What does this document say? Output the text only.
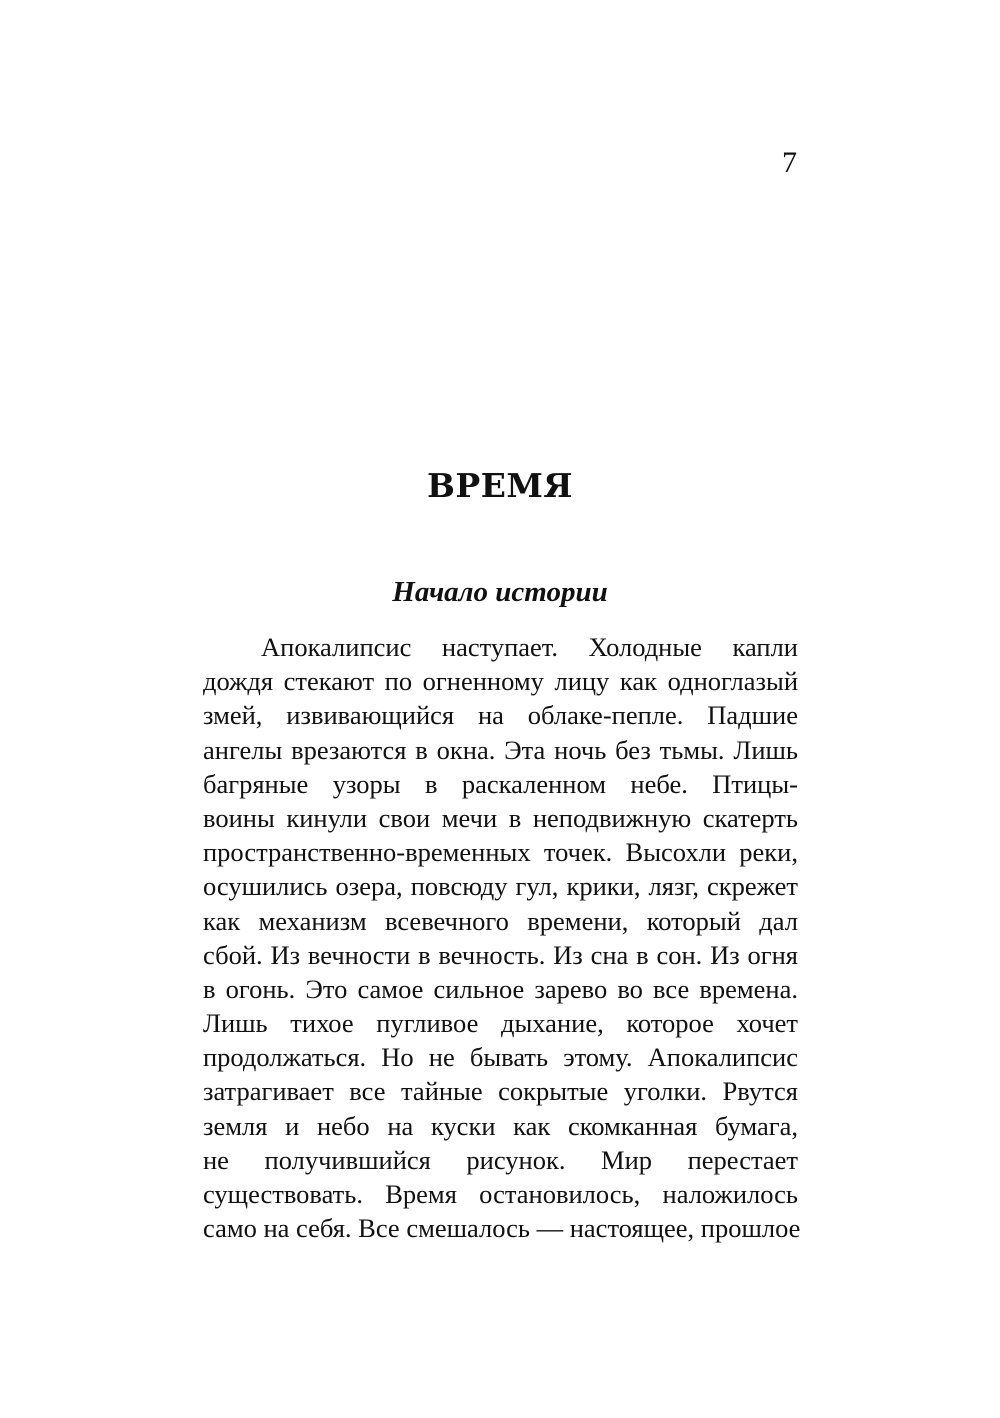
7
ВРЕМЯ
Начало истории
Апокалипсис наступает. Холодные капли
дождя стекают по огненному лицу как одноглазый
змей, извивающийся на облаке-пепле. Падшие
ангелы врезаются в окна. Эта ночь без тьмы. Лишь
багряные узоры в раскаленном небе. Птицы-
воины кинули свои мечи в неподвижную скатерть
пространственно-временных точек. Высохли реки,
осушились озера, повсюду гул, крики, лязг, скрежет
как механизм всевечного времени, который дал
сбой. Из вечности в вечность. Из сна в сон. Из огня
в огонь. Это самое сильное зарево во все времена.
Лишь тихое пугливое дыхание, которое хочет
продолжаться. Но не бывать этому. Апокалипсис
затрагивает все тайные сокрытые уголки. Рвутся
земля и небо на куски как скомканная бумага,
не получившийся рисунок. Мир перестает
существовать. Время остановилось, наложилось
само на себя. Все смешалось — настоящее, прошлое
